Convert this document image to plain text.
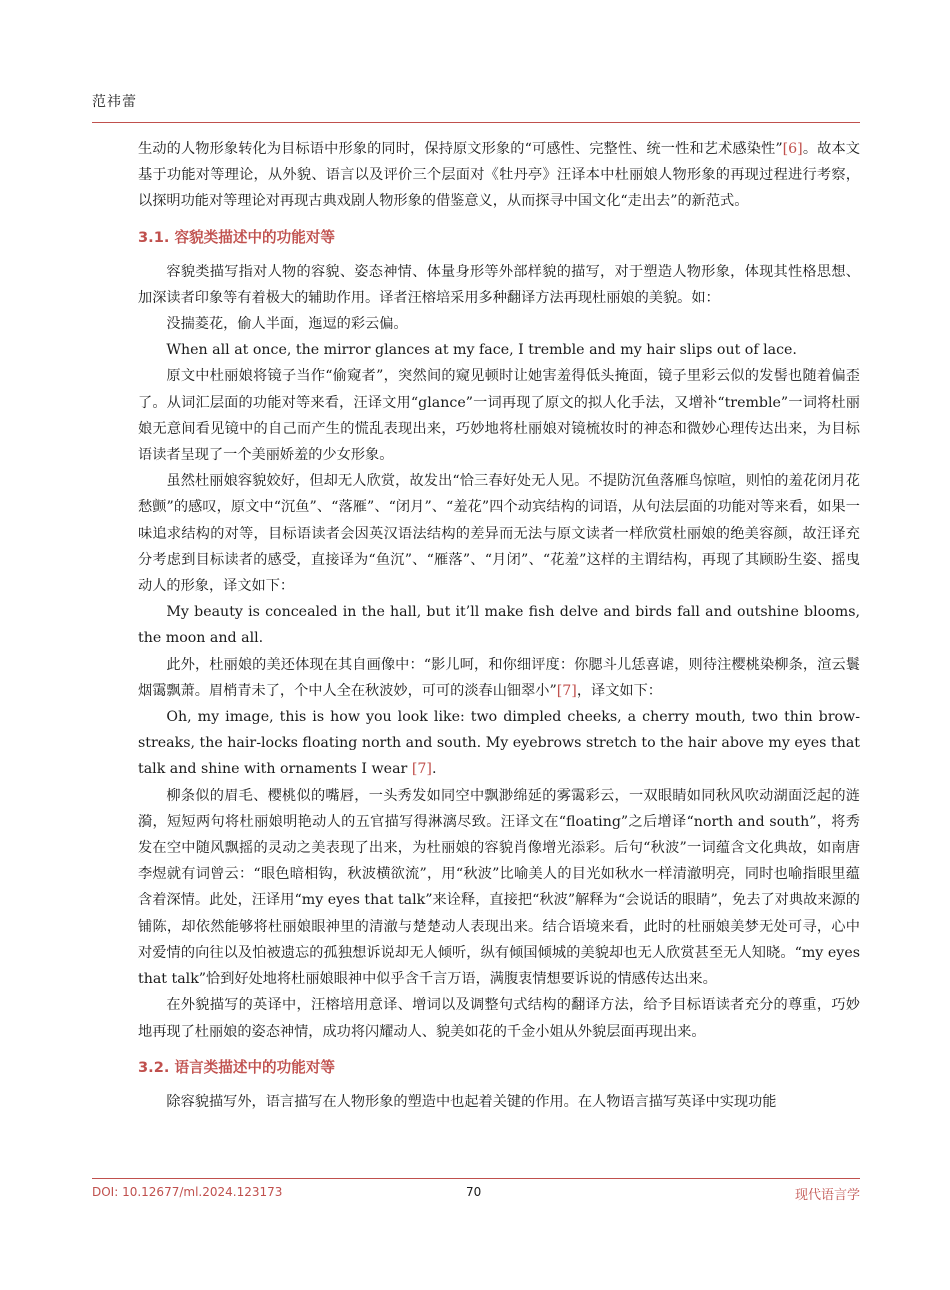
范祎蕾

生动的人物形象转化为目标语中形象的同时，保持原文形象的“可感性、完整性、统一性和艺术感染性”[6]。故本文基于功能对等理论，从外貌、语言以及评价三个层面对《牡丹亭》汪译本中杜丽娘人物形象的再现过程进行考察，以探明功能对等理论对再现古典戏剧人物形象的借鉴意义，从而探寻中国文化“走出去”的新范式。

3.1. 容貌类描述中的功能对等

容貌类描写指对人物的容貌、姿态神情、体量身形等外部样貌的描写，对于塑造人物形象，体现其性格思想、加深读者印象等有着极大的辅助作用。译者汪榕培采用多种翻译方法再现杜丽娘的美貌。如：

没揣菱花，偷人半面，迤逗的彩云偏。

When all at once, the mirror glances at my face, I tremble and my hair slips out of lace.

原文中杜丽娘将镜子当作“偷窥者”，突然间的窥见顿时让她害羞得低头掩面，镜子里彩云似的发髻也随着偏歪了。从词汇层面的功能对等来看，汪译文用“glance”一词再现了原文的拟人化手法，又增补“tremble”一词将杜丽娘无意间看见镜中的自己而产生的慌乱表现出来，巧妙地将杜丽娘对镜梳妆时的神态和微妙心理传达出来，为目标语读者呈现了一个美丽娇羞的少女形象。

虽然杜丽娘容貌姣好，但却无人欣赏，故发出“恰三春好处无人见。不提防沉鱼落雁鸟惊喧，则怕的羞花闭月花愁颤”的感叹，原文中“沉鱼”、“落雁”、“闭月”、“羞花”四个动宾结构的词语，从句法层面的功能对等来看，如果一味追求结构的对等，目标语读者会因英汉语法结构的差异而无法与原文读者一样欣赏杜丽娘的绝美容颜，故汪译充分考虑到目标读者的感受，直接译为“鱼沉”、“雁落”、“月闭”、“花羞”这样的主谓结构，再现了其顾盼生姿、摇曳动人的形象，译文如下：

My beauty is concealed in the hall, but it’ll make fish delve and birds fall and outshine blooms, the moon and all.

此外，杜丽娘的美还体现在其自画像中：“影儿呵，和你细评度：你腮斗儿恁喜谑，则待注樱桃染柳条，渲云鬟烟霭飘萧。眉梢青未了，个中人全在秋波妙，可可的淡春山钿翠小”[7]，译文如下：

Oh, my image, this is how you look like: two dimpled cheeks, a cherry mouth, two thin brow-streaks, the hair-locks floating north and south. My eyebrows stretch to the hair above my eyes that talk and shine with ornaments I wear [7].

柳条似的眉毛、樱桃似的嘴唇，一头秀发如同空中飘渺绵延的雾霭彩云，一双眼睛如同秋风吹动湖面泛起的涟漪，短短两句将杜丽娘明艳动人的五官描写得淋漓尽致。汪译文在“floating”之后增译“north and south”，将秀发在空中随风飘摇的灵动之美表现了出来，为杜丽娘的容貌肖像增光添彩。后句“秋波”一词蕴含文化典故，如南唐李煜就有词曾云：“眼色暗相钩，秋波横欲流”，用“秋波”比喻美人的目光如秋水一样清澈明亮，同时也喻指眼里蕴含着深情。此处，汪译用“my eyes that talk”来诠释，直接把“秋波”解释为“会说话的眼睛”，免去了对典故来源的铺陈，却依然能够将杜丽娘眼神里的清澈与楚楚动人表现出来。结合语境来看，此时的杜丽娘美梦无处可寻，心中对爱情的向往以及怕被遗忘的孤独想诉说却无人倾听，纵有倾国倾城的美貌却也无人欣赏甚至无人知晓。“my eyes that talk”恰到好处地将杜丽娘眼神中似乎含千言万语，满腹衷情想要诉说的情感传达出来。

在外貌描写的英译中，汪榕培用意译、增词以及调整句式结构的翻译方法，给予目标语读者充分的尊重，巧妙地再现了杜丽娘的姿态神情，成功将闪耀动人、貌美如花的千金小姐从外貌层面再现出来。

3.2. 语言类描述中的功能对等

除容貌描写外，语言描写在人物形象的塑造中也起着关键的作用。在人物语言描写英译中实现功能

DOI: 10.12677/ml.2024.123173	70	现代语言学
